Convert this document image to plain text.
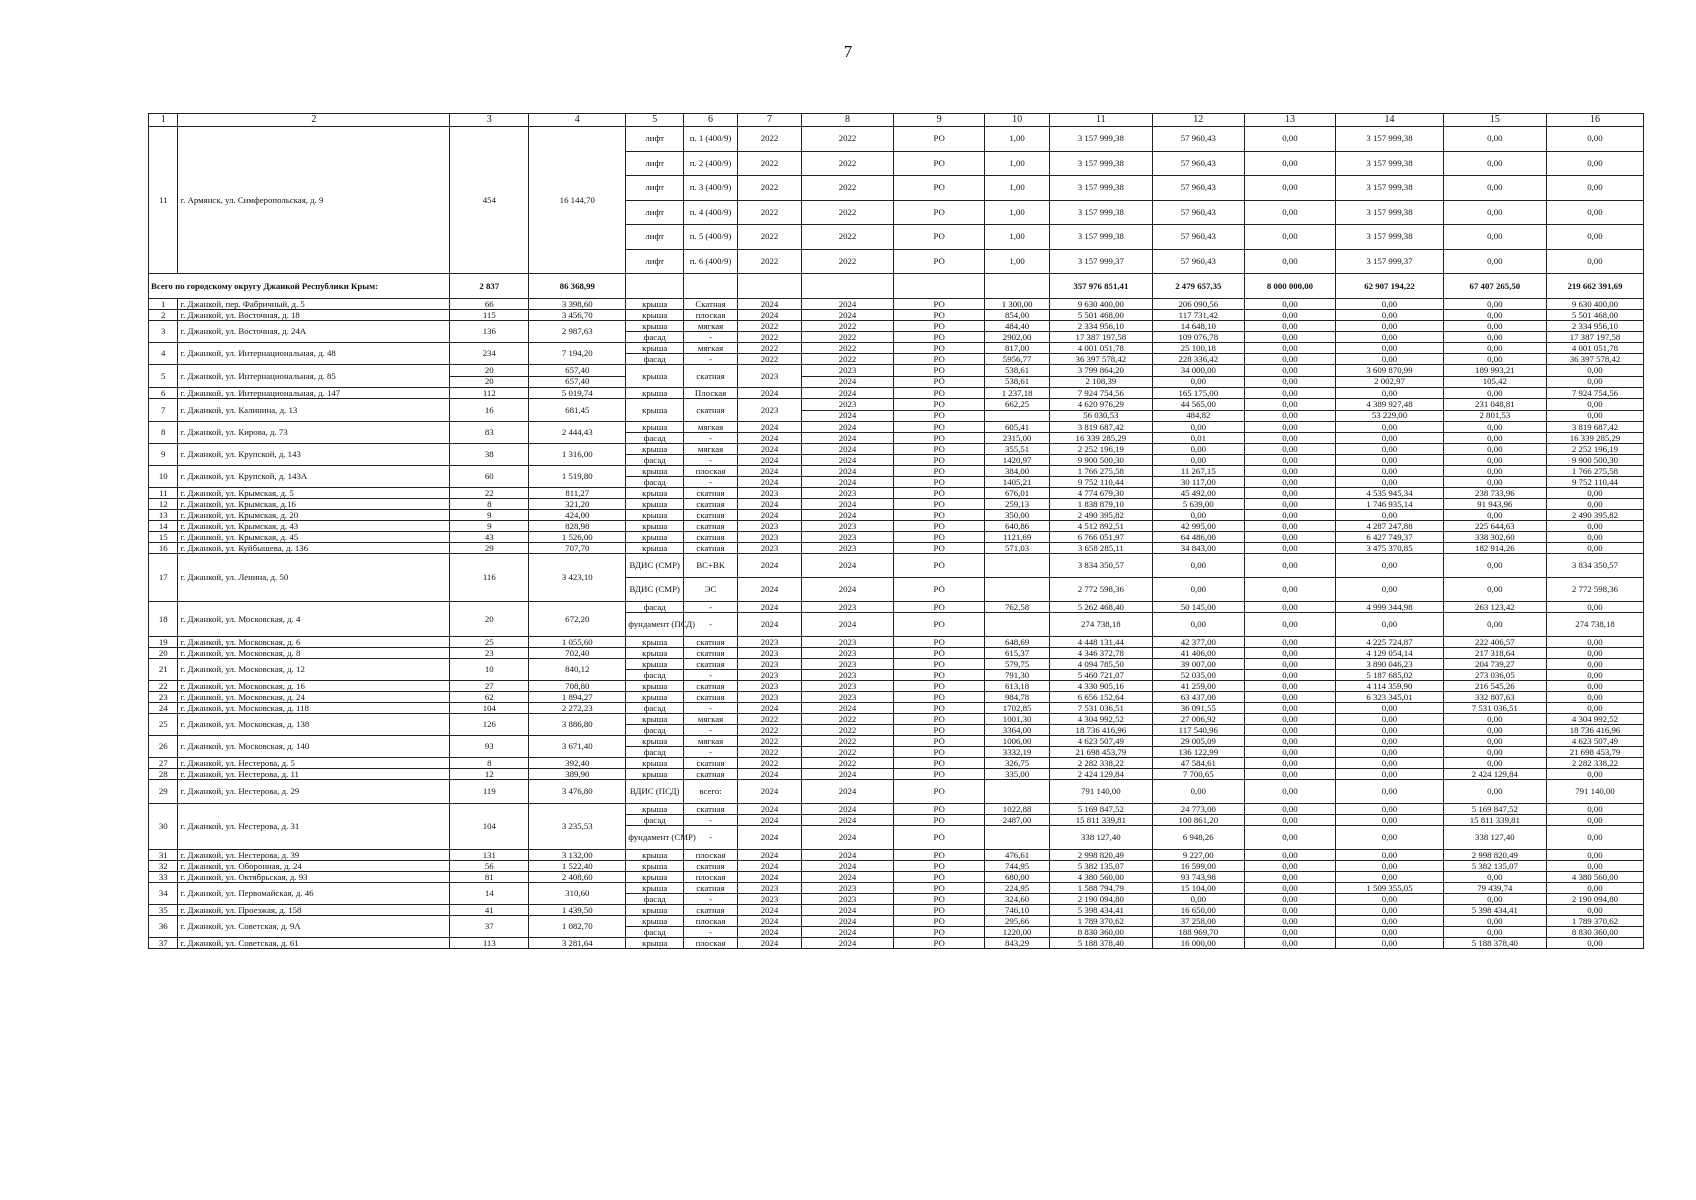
7
1	2	3	4	5	6	7	8	9	10	11	12	13	14	15	16
11	г. Армянск, ул. Симферопольская, д. 9	454	16 144,70	лифт	п. 1 (400/9)	2022	2022	РО	1,00	3 157 999,38	57 960,43	0,00	3 157 999,38	0,00	0,00
				лифт	п. 2 (400/9)	2022	2022	РО	1,00	3 157 999,38	57 960,43	0,00	3 157 999,38	0,00	0,00
				лифт	п. 3 (400/9)	2022	2022	РО	1,00	3 157 999,38	57 960,43	0,00	3 157 999,38	0,00	0,00
				лифт	п. 4 (400/9)	2022	2022	РО	1,00	3 157 999,38	57 960,43	0,00	3 157 999,38	0,00	0,00
				лифт	п. 5 (400/9)	2022	2022	РО	1,00	3 157 999,38	57 960,43	0,00	3 157 999,38	0,00	0,00
				лифт	п. 6 (400/9)	2022	2022	РО	1,00	3 157 999,37	57 960,43	0,00	3 157 999,37	0,00	0,00
Всего по городскому округу Джанкой Республики Крым:		2 837	86 368,99							357 976 851,41	2 479 657,35	8 000 000,00	62 907 194,22	67 407 265,50	219 662 391,69
1	г. Джанкой, пер. Фабричный, д. 5	66	3 398,60	крыша	Скатная	2024	2024	РО	1 300,00	9 630 400,00	206 090,56	0,00	0,00	0,00	9 630 400,00
2	г. Джанкой, ул. Восточная, д. 18	115	3 456,70	крыша	плоская	2024	2024	РО	854,00	5 501 468,00	117 731,42	0,00	0,00	0,00	5 501 468,00
3	г. Джанкой, ул. Восточная, д. 24А	136	2 987,63	крыша	мягкая	2022	2022	РО	484,40	2 334 956,10	14 648,10	0,00	0,00	0,00	2 334 956,10
				фасад	-	2022	2022	РО	2902,00	17 387 197,58	109 076,78	0,00	0,00	0,00	17 387 197,58
4	г. Джанкой, ул. Интернациональная, д. 48	234	7 194,20	крыша	мягкая	2022	2022	РО	817,00	4 001 051,78	25 100,18	0,00	0,00	0,00	4 001 051,78
				фасад	-	2022	2022	РО	5956,77	36 397 578,42	228 336,42	0,00	0,00	0,00	36 397 578,42
5	г. Джанкой, ул. Интернациональная, д. 85	20	657,40	крыша	скатная	2023	2023	РО	538,61	3 799 864,20	34 000,00	0,00	3 609 870,99	189 993,21	0,00
		20	657,40				2024	РО	538,61	2 108,39	0,00	0,00	2 002,97	105,42	0,00
6	г. Джанкой, ул. Интернациональная, д. 147	112	5 019,74	крыша	Плоская	2024	2024	РО	1 237,18	7 924 754,56	165 175,00	0,00	0,00	0,00	7 924 754,56
7	г. Джанкой, ул. Калинина, д. 13	16	681,45	крыша	скатная	2023	2023	РО	662,25	4 620 976,29	44 565,00	0,00	4 389 927,48	231 048,81	0,00
							2024	РО		56 030,53	484,82	0,00	53 229,00	2 801,53	0,00
8	г. Джанкой, ул. Кирова, д. 73	83	2 444,43	крыша	мягкая	2024	2024	РО	605,41	3 819 687,42	0,00	0,00	0,00	0,00	3 819 687,42
				фасад	-	2024	2024	РО	2315,00	16 339 285,29	0,01	0,00	0,00	0,00	16 339 285,29
9	г. Джанкой, ул. Крупской, д. 143	38	1 316,00	крыша	мягкая	2024	2024	РО	355,51	2 252 196,19	0,00	0,00	0,00	0,00	2 252 196,19
				фасад	-	2024	2024	РО	1420,97	9 900 500,30	0,00	0,00	0,00	0,00	9 900 500,30
10	г. Джанкой, ул. Крупской, д. 143А	60	1 519,80	крыша	плоская	2024	2024	РО	384,00	1 766 275,58	11 267,15	0,00	0,00	0,00	1 766 275,58
				фасад	-	2024	2024	РО	1405,21	9 752 110,44	30 117,00	0,00	0,00	0,00	9 752 110,44
11	г. Джанкой, ул. Крымская, д. 5	22	811,27	крыша	скатная	2023	2023	РО	676,01	4 774 679,30	45 492,00	0,00	4 535 945,34	238 733,96	0,00
12	г. Джанкой, ул. Крымская, д.16	8	321,20	крыша	скатная	2024	2024	РО	259,13	1 838 879,10	5 639,00	0,00	1 746 935,14	91 943,96	0,00
13	г. Джанкой, ул. Крымская, д. 20	9	424,00	крыша	скатная	2024	2024	РО	350,00	2 490 395,82	0,00	0,00	0,00	0,00	2 490 395,82
14	г. Джанкой, ул. Крымская, д. 43	9	828,98	крыша	скатная	2023	2023	РО	640,86	4 512 892,51	42 995,00	0,00	4 287 247,88	225 644,63	0,00
15	г. Джанкой, ул. Крымская, д. 45	43	1 526,00	крыша	скатная	2023	2023	РО	1121,69	6 766 051,97	64 486,00	0,00	6 427 749,37	338 302,60	0,00
16	г. Джанкой, ул. Куйбышева, д. 136	29	707,70	крыша	скатная	2023	2023	РО	571,03	3 658 285,11	34 843,00	0,00	3 475 370,85	182 914,26	0,00
17	г. Джанкой, ул. Ленина, д. 50	116	3 423,10	ВДИС (СМР)	ВС+ВК	2024	2024	РО		3 834 350,57	0,00	0,00	0,00	0,00	3 834 350,57
				ВДИС (СМР)	ЭС	2024	2024	РО		2 772 598,36	0,00	0,00	0,00	0,00	2 772 598,36
18	г. Джанкой, ул. Московская, д. 4	20	672,20	фасад	-	2024	2023	РО	762,58	5 262 468,40	50 145,00	0,00	4 999 344,98	263 123,42	0,00
				фундамент (ПСД)	-	2024	2024	РО		274 738,18	0,00	0,00	0,00	0,00	274 738,18
19	г. Джанкой, ул. Московская, д. 6	25	1 055,60	крыша	скатная	2023	2023	РО	648,69	4 448 131,44	42 377,00	0,00	4 225 724,87	222 406,57	0,00
20	г. Джанкой, ул. Московская, д. 8	23	702,40	крыша	скатная	2023	2023	РО	615,37	4 346 372,78	41 406,00	0,00	4 129 054,14	217 318,64	0,00
21	г. Джанкой, ул. Московская, д. 12	10	840,12	крыша	скатная	2023	2023	РО	579,75	4 094 785,50	39 007,00	0,00	3 890 046,23	204 739,27	0,00
				фасад	-	2023	2023	РО	791,30	5 460 721,07	52 035,00	0,00	5 187 685,02	273 036,05	0,00
22	г. Джанкой, ул. Московская, д. 16	27	708,80	крыша	скатная	2023	2023	РО	613,18	4 330 905,16	41 259,00	0,00	4 114 359,90	216 545,26	0,00
23	г. Джанкой, ул. Московская, д. 24	62	1 894,27	крыша	скатная	2023	2023	РО	984,78	6 656 152,64	63 437,00	0,00	6 323 345,01	332 807,63	0,00
24	г. Джанкой, ул. Московская, д. 118	104	2 272,23	фасад	-	2024	2024	РО	1702,85	7 531 036,51	36 091,55	0,00	0,00	7 531 036,51	0,00
25	г. Джанкой, ул. Московская, д. 138	126	3 886,80	крыша	мягкая	2022	2022	РО	1001,30	4 304 992,52	27 006,92	0,00	0,00	0,00	4 304 992,52
				фасад	-	2022	2022	РО	3364,00	18 736 416,96	117 540,96	0,00	0,00	0,00	18 736 416,96
26	г. Джанкой, ул. Московская, д. 140	93	3 671,40	крыша	мягкая	2022	2022	РО	1006,00	4 623 507,49	29 005,09	0,00	0,00	0,00	4 623 507,49
				фасад	-	2022	2022	РО	3332,19	21 698 453,79	136 122,99	0,00	0,00	0,00	21 698 453,79
27	г. Джанкой, ул. Нестерова, д. 5	8	392,40	крыша	скатная	2022	2022	РО	326,75	2 282 338,22	47 584,61	0,00	0,00	0,00	2 282 338,22
28	г. Джанкой, ул. Нестерова, д. 11	12	389,90	крыша	скатная	2024	2024	РО	335,00	2 424 129,84	7 700,65	0,00	0,00	2 424 129,84	0,00
29	г. Джанкой, ул. Нестерова, д. 29	119	3 476,80	ВДИС (ПСД)	всего:	2024	2024	РО		791 140,00	0,00	0,00	0,00	0,00	791 140,00
30	г. Джанкой, ул. Нестерова, д. 31	104	3 235,53	крыша	скатная	2024	2024	РО	1022,88	5 169 847,52	24 773,00	0,00	0,00	5 169 847,52	0,00
				фасад	-	2024	2024	РО	2487,00	15 811 339,81	100 861,20	0,00	0,00	15 811 339,81	0,00
				фундамент (СМР)	-	2024	2024	РО		338 127,40	6 948,26	0,00	0,00	338 127,40	0,00
31	г. Джанкой, ул. Нестерова, д. 39	131	3 132,00	крыша	плоская	2024	2024	РО	476,61	2 998 820,49	9 227,00	0,00	0,00	2 998 820,49	0,00
32	г. Джанкой, ул. Оборонная, д. 24	56	1 522,40	крыша	скатная	2024	2024	РО	744,95	5 382 135,07	16 599,00	0,00	0,00	5 382 135,07	0,00
33	г. Джанкой, ул. Октябрьская, д. 93	81	2 408,60	крыша	плоская	2024	2024	РО	680,00	4 380 560,00	93 743,98	0,00	0,00	0,00	4 380 560,00
34	г. Джанкой, ул. Первомайская, д. 46	14	310,60	крыша	скатная	2023	2023	РО	224,95	1 588 794,79	15 104,00	0,00	1 509 355,05	79 439,74	0,00
				фасад	-	2023	2023	РО	324,60	2 190 094,80	0,00	0,00	0,00	0,00	2 190 094,80
35	г. Джанкой, ул. Проезжая, д. 158	41	1 439,50	крыша	скатная	2024	2024	РО	746,10	5 398 434,41	16 650,00	0,00	0,00	5 398 434,41	0,00
36	г. Джанкой, ул. Советская, д. 9А	37	1 082,70	крыша	плоская	2024	2024	РО	295,66	1 789 370,62	37 258,00	0,00	0,00	0,00	1 789 370,62
				фасад	-	2024	2024	РО	1220,00	8 830 360,00	188 969,70	0,00	0,00	0,00	8 830 360,00
37	г. Джанкой, ул. Советская, д. 61	113	3 281,64	крыша	плоская	2024	2024	РО	843,29	5 188 378,40	16 000,00	0,00	0,00	5 188 378,40	0,00
